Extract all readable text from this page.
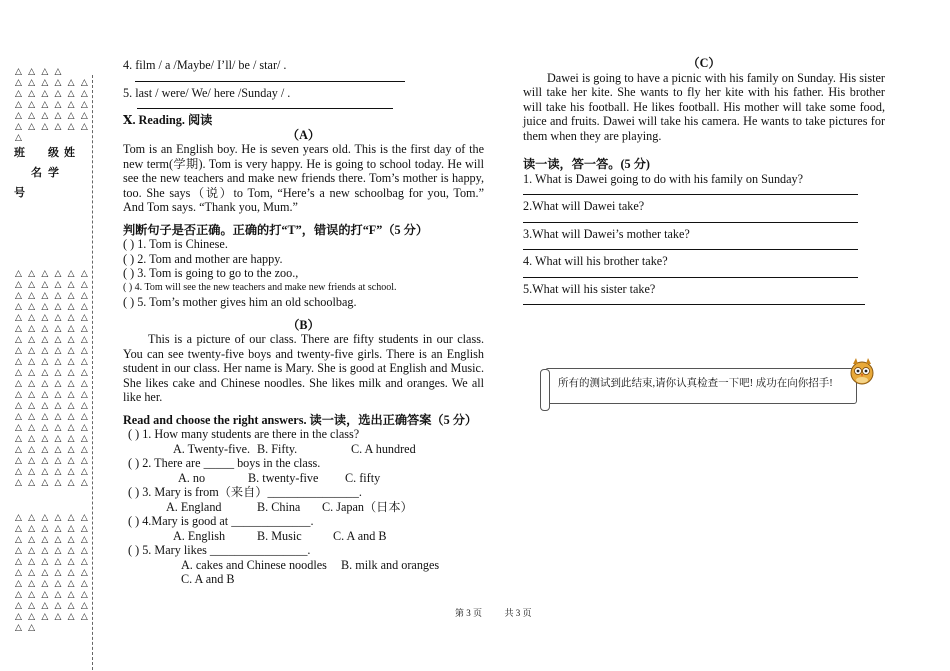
△ △ △ △
△ △ △ △ △ △
△ △ △ △ △ △
△ △ △ △ △ △
△ △ △ △ △ △
△ △ △ △ △ △
△
班 级 姓
名 学
号
△ △ △ △ △ △
△ △ △ △ △ △
△ △ △ △ △ △
△ △ △ △ △ △
△ △ △ △ △ △
△ △ △ △ △ △
△ △ △ △ △ △
△ △ △ △ △ △
△ △ △ △ △ △
△ △ △ △ △ △
△ △ △ △ △ △
△ △ △ △ △ △
△ △ △ △ △ △
△ △ △ △ △ △
△ △ △ △ △ △
△ △ △ △ △ △
△ △ △ △ △ △
△ △ △ △ △ △
△ △ △ △ △ △
△ △ △ △ △ △
△ △ △ △ △ △
△ △ △ △ △ △
△ △ △ △ △ △
△ △ △ △ △ △
△ △ △ △ △ △
△ △ △ △ △ △
△ △ △ △ △ △
△ △ △ △ △ △
△ △ △ △ △ △
△ △ △ △ △ △
△ △
4. film / a /Maybe/ I’ll/ be / star/ .
5. last / were/ We/ here /Sunday / .
Ⅹ. Reading. 阅读
（A）
Tom is an English boy. He is seven years old. This is the first day of the new term(学期). Tom is very happy. He is going to school today. He will see the new teachers and make new friends there. Tom’s mother is happy, too. She says（说）to Tom, “Here’s a new schoolbag for you, Tom.” And Tom says. “Thank you, Mum.”
判断句子是否正确。正确的打“T”，错误的打“F”（5 分）
( ) 1. Tom is Chinese.
( ) 2. Tom and mother are happy.
( ) 3. Tom is going to go to the zoo.,
( ) 4. Tom will see the new teachers and make new friends at school.
( ) 5. Tom’s mother gives him an old schoolbag.
（B）
This is a picture of our class. There are fifty students in our class. You can see twenty-five boys and twenty-five girls. There is an English student in our class. Her name is Mary. She is good at English and Music. She likes cake and Chinese noodles. She likes milk and oranges. We all like her.
Read and choose the right answers. 读一读，选出正确答案（5 分）
( ) 1. How many students are there in the class?
A. Twenty-five. B. Fifty.	C. A hundred
( ) 2. There are _____ boys in the class.
A. no	B. twenty-five C. fifty
( ) 3. Mary is from（来自）_______________.
A. England	B. China C. Japan（日本）
( ) 4.Mary is good at _____________.
A. English	B. Music	C. A and B
( ) 5. Mary likes ________________.
A. cakes and Chinese noodles B. milk and oranges
C. A and B
（C）
Dawei is going to have a picnic with his family on Sunday. His sister will take her kite. She wants to fly her kite with his father. His brother will take his football. He likes football. His mother will take some food, juice and fruits. Dawei will take his camera. He wants to take pictures for them when they are playing.
读一读，答一答。(5 分)
1. What is Dawei going to do with his family on Sunday?
2.What will Dawei take?
3.What will Dawei’s mother take?
4. What will his brother take?
5.What will his sister take?
所有的测试到此结束,请你认真检查一下吧! 成功在向你招手!
第 3 页	共 3 页
